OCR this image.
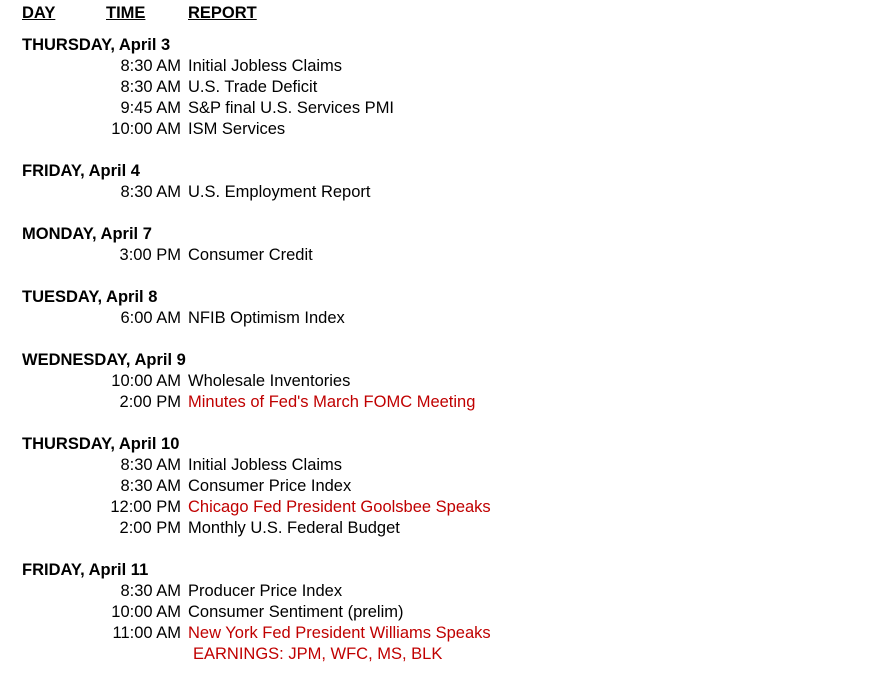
DAY	TIME	REPORT
THURSDAY, April 3
8:30 AM Initial Jobless Claims
8:30 AM U.S. Trade Deficit
9:45 AM S&P final U.S. Services PMI
10:00 AM ISM Services
FRIDAY, April 4
8:30 AM U.S. Employment Report
MONDAY, April 7
3:00 PM Consumer Credit
TUESDAY, April 8
6:00 AM NFIB Optimism Index
WEDNESDAY, April 9
10:00 AM Wholesale Inventories
2:00 PM Minutes of Fed's March FOMC Meeting
THURSDAY, April 10
8:30 AM Initial Jobless Claims
8:30 AM Consumer Price Index
12:00 PM Chicago Fed President Goolsbee Speaks
2:00 PM Monthly U.S. Federal Budget
FRIDAY, April 11
8:30 AM Producer Price Index
10:00 AM Consumer Sentiment (prelim)
11:00 AM New York Fed President Williams Speaks
EARNINGS: JPM, WFC, MS, BLK
